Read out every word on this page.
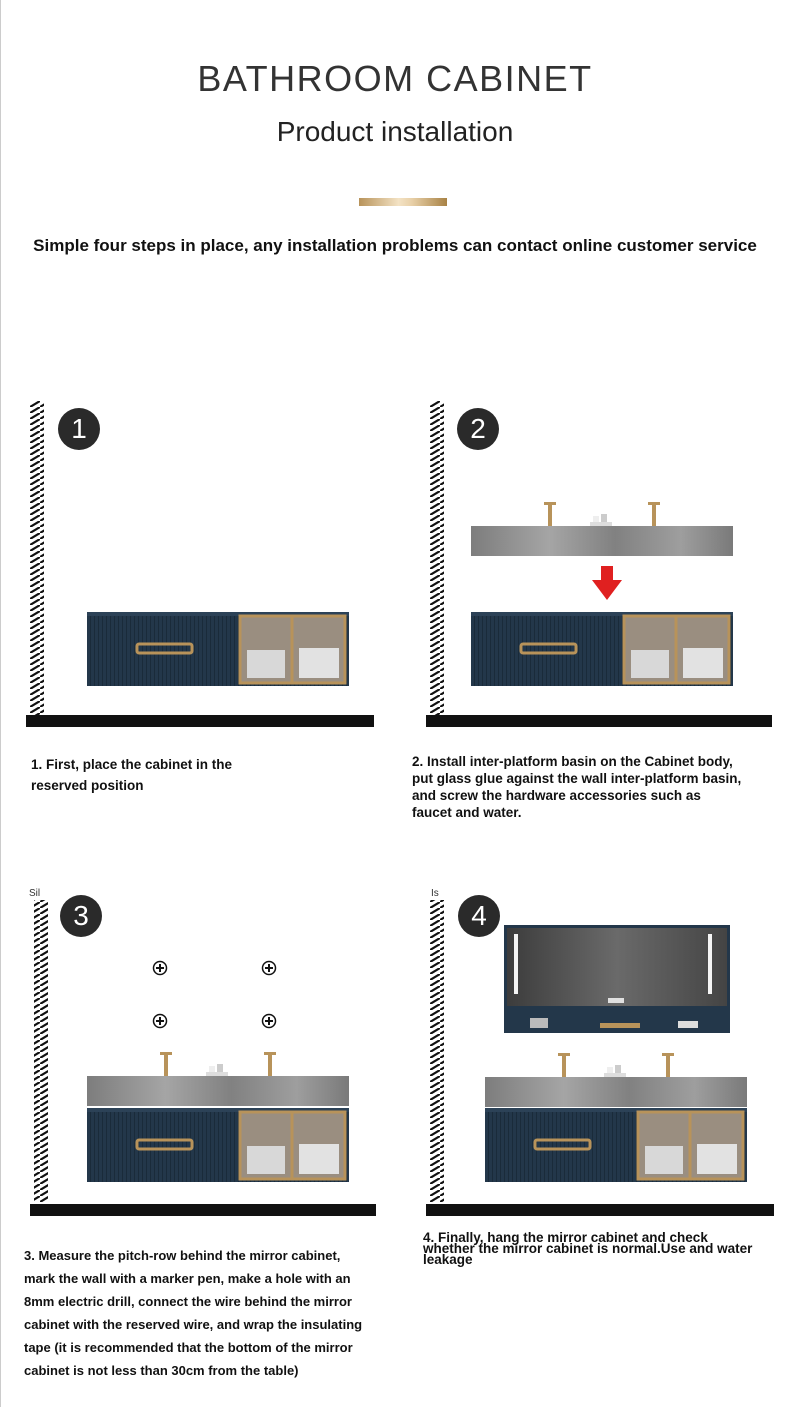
BATHROOM CABINET
Product installation
Simple four steps in place, any installation problems can contact online customer service
1
1. First, place the cabinet in the reserved position
2
2. Install inter-platform basin on the Cabinet body, put glass glue against the wall inter-platform basin, and screw the hardware accessories such as faucet and water.
Sil
3
3. Measure the pitch-row behind the mirror cabinet, mark the wall with a marker pen, make a hole with an 8mm electric drill, connect the wire behind the mirror cabinet with the reserved wire, and wrap the insulating tape (it is recommended that the bottom of the mirror cabinet is not less than 30cm from the table)
Is
4
4. Finally, hang the mirror cabinet and check whether the mirror cabinet is normal.Use and water leakage
